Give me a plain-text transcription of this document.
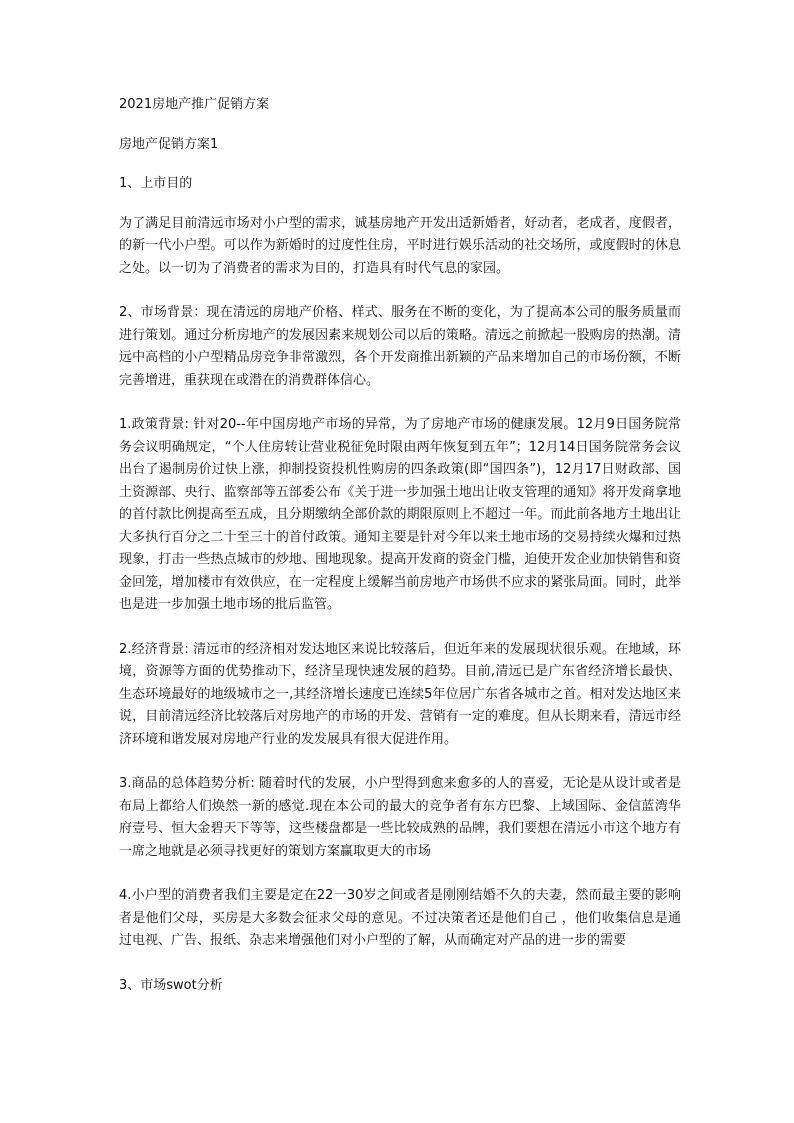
2021房地产推广促销方案

房地产促销方案1

1、上市目的

为了满足目前清远市场对小户型的需求，诚基房地产开发出适新婚者，好动者，老成者，度假者，的新一代小户型。可以作为新婚时的过度性住房，平时进行娱乐活动的社交场所，或度假时的休息之处。以一切为了消费者的需求为目的，打造具有时代气息的家园。

2、市场背景：现在清远的房地产价格、样式、服务在不断的变化，为了提高本公司的服务质量而进行策划。通过分析房地产的发展因素来规划公司以后的策略。清远之前掀起一股购房的热潮。清远中高档的小户型精品房竞争非常激烈，各个开发商推出新颖的产品来增加自己的市场份额，不断完善增进，重获现在或潜在的消费群体信心。

1.政策背景: 针对20--年中国房地产市场的异常，为了房地产市场的健康发展。12月9日国务院常务会议明确规定，“个人住房转让营业税征免时限由两年恢复到五年”；12月14日国务院常务会议出台了遏制房价过快上涨，抑制投资投机性购房的四条政策(即“国四条”)，12月17日财政部、国土资源部、央行、监察部等五部委公布《关于进一步加强土地出让收支管理的通知》将开发商拿地的首付款比例提高至五成，且分期缴纳全部价款的期限原则上不超过一年。而此前各地方土地出让大多执行百分之二十至三十的首付政策。通知主要是针对今年以来土地市场的交易持续火爆和过热现象，打击一些热点城市的炒地、囤地现象。提高开发商的资金门槛，迫使开发企业加快销售和资金回笼，增加楼市有效供应，在一定程度上缓解当前房地产市场供不应求的紧张局面。同时，此举也是进一步加强土地市场的批后监管。

2.经济背景: 清远市的经济相对发达地区来说比较落后，但近年来的发展现状很乐观。在地域，环境，资源等方面的优势推动下，经济呈现快速发展的趋势。目前,清远已是广东省经济增长最快、生态环境最好的地级城市之一,其经济增长速度已连续5年位居广东省各城市之首。相对发达地区来说，目前清远经济比较落后对房地产的市场的开发、营销有一定的难度。但从长期来看，清远市经济环境和谐发展对房地产行业的发发展具有很大促进作用。

3.商品的总体趋势分析: 随着时代的发展，小户型得到愈来愈多的人的喜爱，无论是从设计或者是布局上都给人们焕然一新的感觉.现在本公司的最大的竞争者有东方巴黎、上域国际、金信蓝湾华府壹号、恒大金碧天下等等，这些楼盘都是一些比较成熟的品牌，我们要想在清远小市这个地方有一席之地就是必须寻找更好的策划方案赢取更大的市场

4.小户型的消费者我们主要是定在22一30岁之间或者是刚刚结婚不久的夫妻，然而最主要的影响者是他们父母，买房是大多数会征求父母的意见。不过决策者还是他们自己 ，他们收集信息是通过电视、广告、报纸、杂志来增强他们对小户型的了解，从而确定对产品的进一步的需要

3、市场swot分析
